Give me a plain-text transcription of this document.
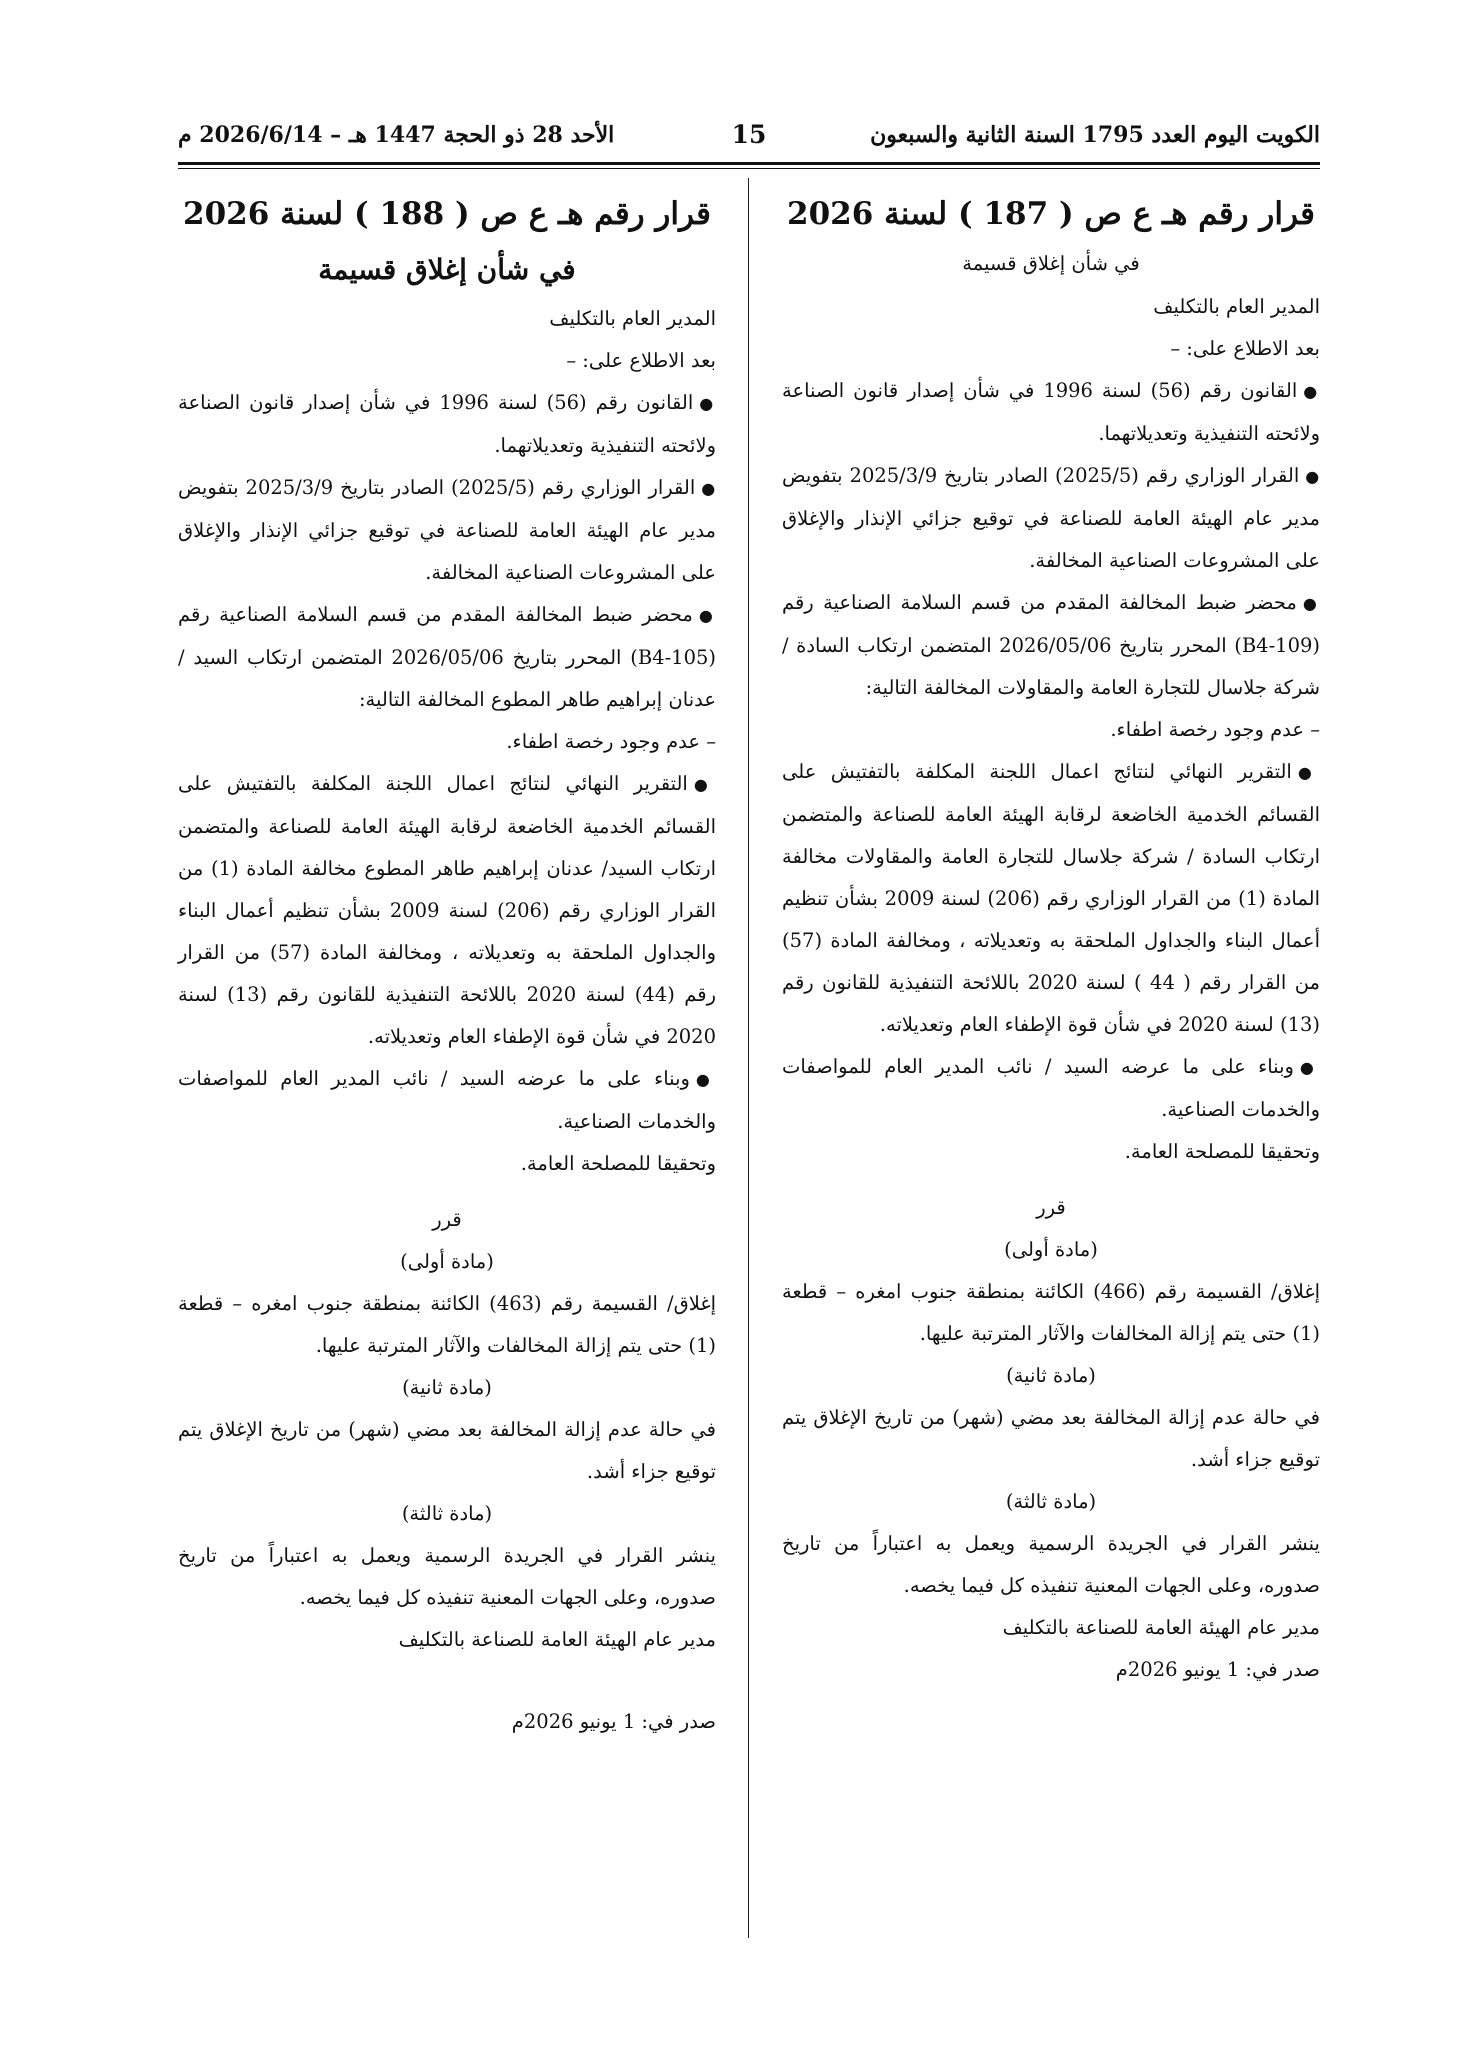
الكويت اليوم العدد 1795 السنة الثانية والسبعون
15
الأحد 28 ذو الحجة 1447 هـ – 2026/6/14 م

قرار رقم هـ ع ص ( 187 ) لسنة 2026

في شأن إغلاق قسيمة

المدير العام بالتكليف

بعد الاطلاع على: –

●القانون رقم (56) لسنة 1996 في شأن إصدار قانون الصناعة ولائحته التنفيذية وتعديلاتهما.

●القرار الوزاري رقم (2025/5) الصادر بتاريخ 2025/3/9 بتفويض مدير عام الهيئة العامة للصناعة في توقيع جزائي الإنذار والإغلاق على المشروعات الصناعية المخالفة.

●محضر ضبط المخالفة المقدم من قسم السلامة الصناعية رقم (B4-109) المحرر بتاريخ 2026/05/06 المتضمن ارتكاب السادة / شركة جلاسال للتجارة العامة والمقاولات المخالفة التالية:

– عدم وجود رخصة اطفاء.

●التقرير النهائي لنتائج اعمال اللجنة المكلفة بالتفتيش على القسائم الخدمية الخاضعة لرقابة الهيئة العامة للصناعة والمتضمن ارتكاب السادة / شركة جلاسال للتجارة العامة والمقاولات مخالفة المادة (1) من القرار الوزاري رقم (206) لسنة 2009 بشأن تنظيم أعمال البناء والجداول الملحقة به وتعديلاته ، ومخالفة المادة (57) من القرار رقم ( 44 ) لسنة 2020 باللائحة التنفيذية للقانون رقم (13) لسنة 2020 في شأن قوة الإطفاء العام وتعديلاته.

●وبناء على ما عرضه السيد / نائب المدير العام للمواصفات والخدمات الصناعية.

وتحقيقا للمصلحة العامة.

قرر

(مادة أولى)

إغلاق/ القسيمة رقم (466) الكائنة بمنطقة جنوب امغره – قطعة (1) حتى يتم إزالة المخالفات والآثار المترتبة عليها.

(مادة ثانية)

في حالة عدم إزالة المخالفة بعد مضي (شهر) من تاريخ الإغلاق يتم توقيع جزاء أشد.

(مادة ثالثة)

ينشر القرار في الجريدة الرسمية ويعمل به اعتباراً من تاريخ صدوره، وعلى الجهات المعنية تنفيذه كل فيما يخصه.

مدير عام الهيئة العامة للصناعة بالتكليف

صدر في: 1 يونيو 2026م

قرار رقم هـ ع ص ( 188 ) لسنة 2026

في شأن إغلاق قسيمة

المدير العام بالتكليف

بعد الاطلاع على: –

●القانون رقم (56) لسنة 1996 في شأن إصدار قانون الصناعة ولائحته التنفيذية وتعديلاتهما.

●القرار الوزاري رقم (2025/5) الصادر بتاريخ 2025/3/9 بتفويض مدير عام الهيئة العامة للصناعة في توقيع جزائي الإنذار والإغلاق على المشروعات الصناعية المخالفة.

●محضر ضبط المخالفة المقدم من قسم السلامة الصناعية رقم (B4-105) المحرر بتاريخ 2026/05/06 المتضمن ارتكاب السيد / عدنان إبراهيم طاهر المطوع المخالفة التالية:

– عدم وجود رخصة اطفاء.

●التقرير النهائي لنتائج اعمال اللجنة المكلفة بالتفتيش على القسائم الخدمية الخاضعة لرقابة الهيئة العامة للصناعة والمتضمن ارتكاب السيد/ عدنان إبراهيم طاهر المطوع مخالفة المادة (1) من القرار الوزاري رقم (206) لسنة 2009 بشأن تنظيم أعمال البناء والجداول الملحقة به وتعديلاته ، ومخالفة المادة (57) من القرار رقم (44) لسنة 2020 باللائحة التنفيذية للقانون رقم (13) لسنة 2020 في شأن قوة الإطفاء العام وتعديلاته.

●وبناء على ما عرضه السيد / نائب المدير العام للمواصفات والخدمات الصناعية.

وتحقيقا للمصلحة العامة.

قرر

(مادة أولى)

إغلاق/ القسيمة رقم (463) الكائنة بمنطقة جنوب امغره – قطعة (1) حتى يتم إزالة المخالفات والآثار المترتبة عليها.

(مادة ثانية)

في حالة عدم إزالة المخالفة بعد مضي (شهر) من تاريخ الإغلاق يتم توقيع جزاء أشد.

(مادة ثالثة)

ينشر القرار في الجريدة الرسمية ويعمل به اعتباراً من تاريخ صدوره، وعلى الجهات المعنية تنفيذه كل فيما يخصه.

مدير عام الهيئة العامة للصناعة بالتكليف

صدر في: 1 يونيو 2026م
